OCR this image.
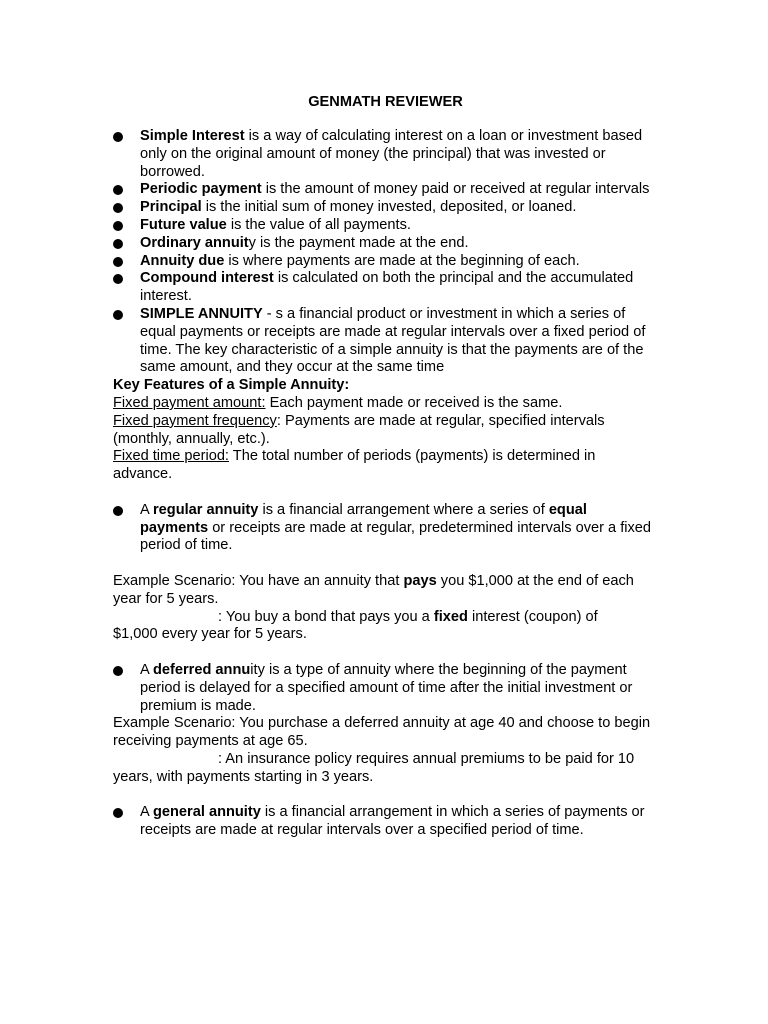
GENMATH REVIEWER
Simple Interest is a way of calculating interest on a loan or investment based only on the original amount of money (the principal) that was invested or borrowed.
Periodic payment is the amount of money paid or received at regular intervals
Principal is the initial sum of money invested, deposited, or loaned.
Future value is the value of all payments.
Ordinary annuity is the payment made at the end.
Annuity due is where payments are made at the beginning of each.
Compound interest is calculated on both the principal and the accumulated interest.
SIMPLE ANNUITY - s a financial product or investment in which a series of equal payments or receipts are made at regular intervals over a fixed period of time. The key characteristic of a simple annuity is that the payments are of the same amount, and they occur at the same time

Key Features of a Simple Annuity:

Fixed payment amount: Each payment made or received is the same.

Fixed payment frequency: Payments are made at regular, specified intervals (monthly, annually, etc.).

Fixed time period: The total number of periods (payments) is determined in advance.

A regular annuity is a financial arrangement where a series of equal payments or receipts are made at regular, predetermined intervals over a fixed period of time.

Example Scenario: You have an annuity that pays you $1,000 at the end of each year for 5 years.

: You buy a bond that pays you a fixed interest (coupon) of

$1,000 every year for 5 years.

A deferred annuity is a type of annuity where the beginning of the payment period is delayed for a specified amount of time after the initial investment or premium is made.

Example Scenario: You purchase a deferred annuity at age 40 and choose to begin receiving payments at age 65.

: An insurance policy requires annual premiums to be paid for 10

years, with payments starting in 3 years.

A general annuity is a financial arrangement in which a series of payments or receipts are made at regular intervals over a specified period of time.
